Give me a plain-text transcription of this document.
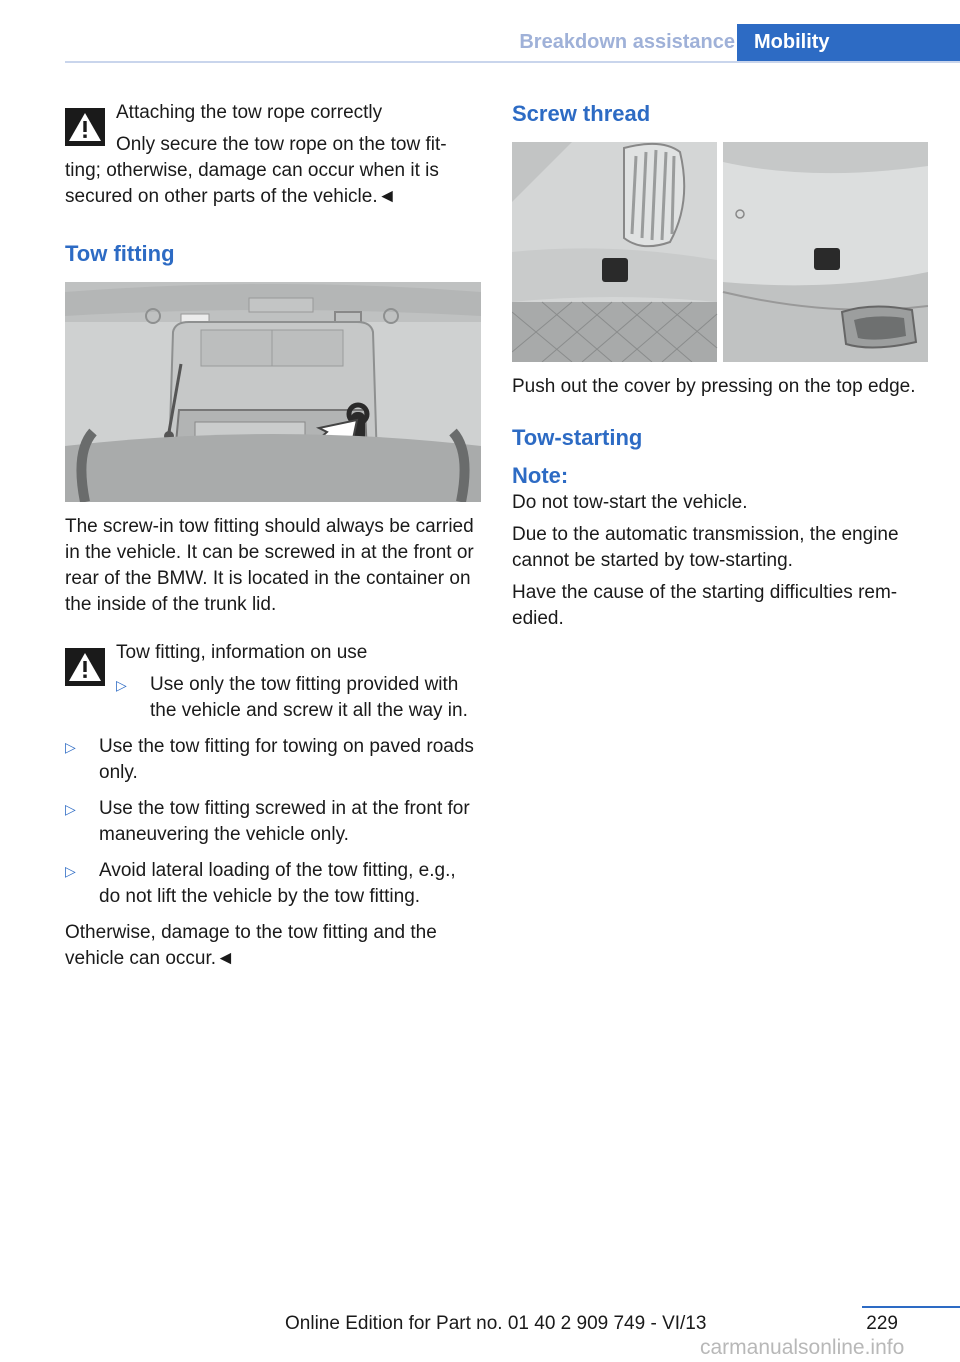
Breakdown assistance Mobility

Attaching the tow rope correctly

Only secure the tow rope on the tow fit-

ting; otherwise, damage can occur when it is secured on other parts of the vehicle.◄

Tow fitting

The screw-in tow fitting should always be carried in the vehicle. It can be screwed in at the front or rear of the BMW. It is located in the container on the inside of the trunk lid.

Tow fitting, information on use

▷ Use only the tow fitting provided with the vehicle and screw it all the way in.
▷ Use the tow fitting for towing on paved roads only.
▷ Use the tow fitting screwed in at the front for maneuvering the vehicle only.
▷ Avoid lateral loading of the tow fitting, e.g., do not lift the vehicle by the tow fitting.

Otherwise, damage to the tow fitting and the vehicle can occur.◄

Screw thread

Push out the cover by pressing on the top edge.

Tow-starting

Note:

Do not tow-start the vehicle.

Due to the automatic transmission, the engine cannot be started by tow-starting.

Have the cause of the starting difficulties remedied.

229
Online Edition for Part no. 01 40 2 909 749 - VI/13
carmanualsonline.info
